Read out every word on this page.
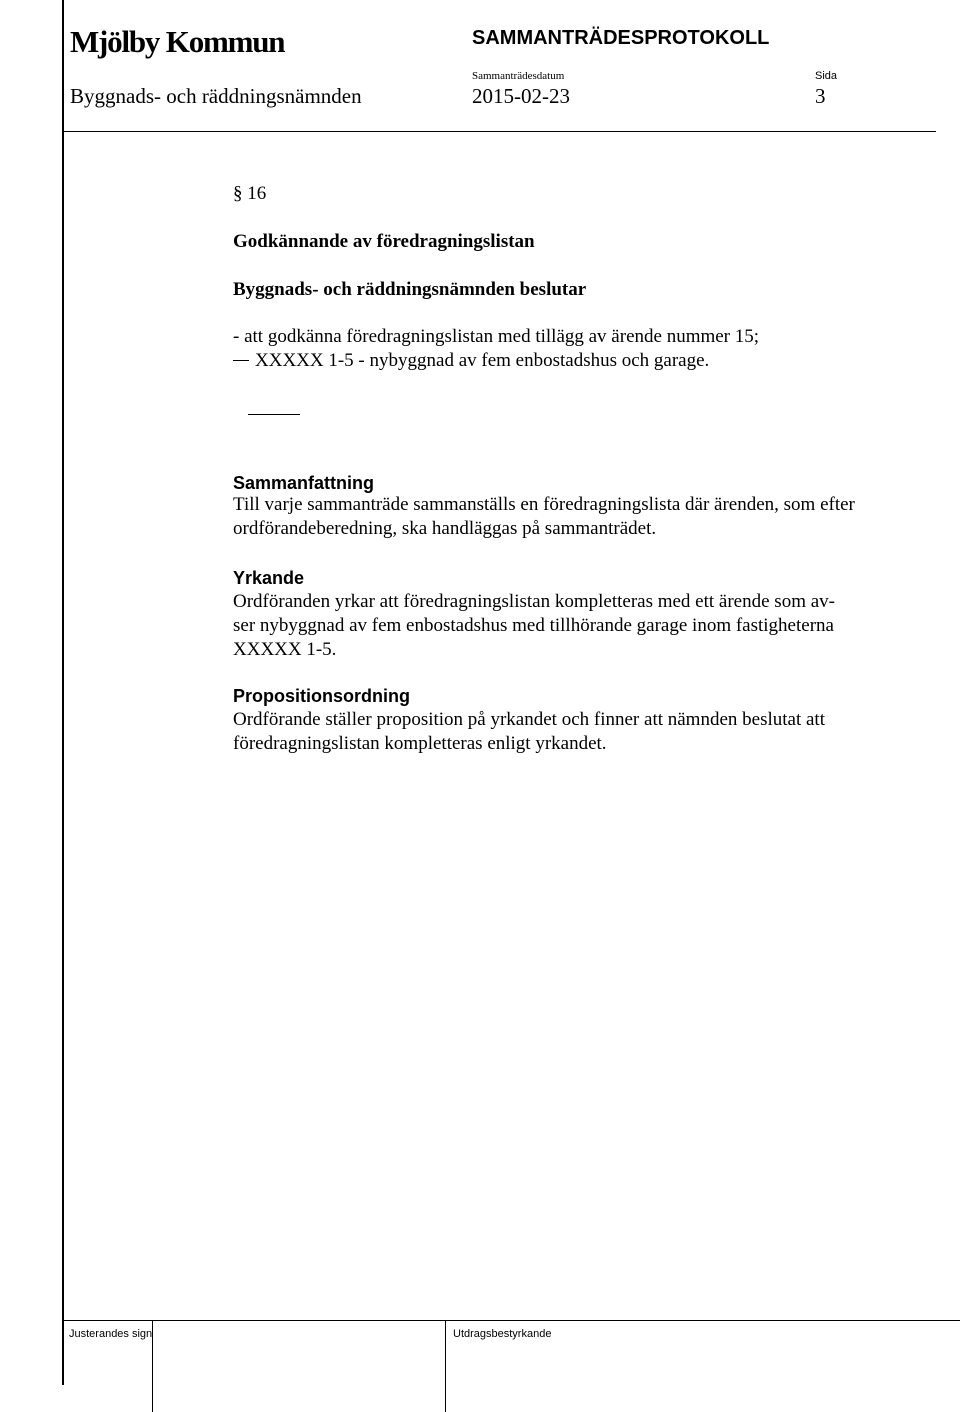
Mjölby Kommun	SAMMANTRÄDESPROTOKOLL
Byggnads- och räddningsnämnden
Sammanträdesdatum
2015-02-23
Sida
3
§ 16
Godkännande av föredragningslistan
Byggnads- och räddningsnämnden beslutar
- att godkänna föredragningslistan med tillägg av ärende nummer 15;
XXXXX 1-5 - nybyggnad av fem enbostadshus och garage.
Sammanfattning
Till varje sammanträde sammanställs en föredragningslista där ärenden, som efter ordförandeberedning, ska handläggas på sammanträdet.
Yrkande
Ordföranden yrkar att föredragningslistan kompletteras med ett ärende som av-
ser nybyggnad av fem enbostadshus med tillhörande garage inom fastigheterna
XXXXX 1-5.
Propositionsordning
Ordförande ställer proposition på yrkandet och finner att nämnden beslutat att föredragningslistan kompletteras enligt yrkandet.
Justerandes sign	Utdragsbestyrkande
